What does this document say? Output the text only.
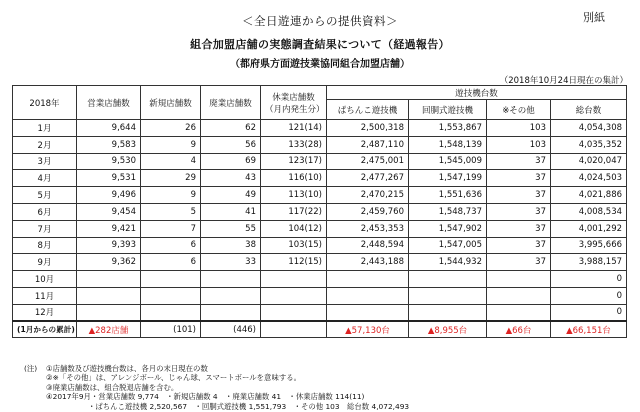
別紙
＜全日遊連からの提供資料＞
組合加盟店舗の実態調査結果について（経過報告）
（都府県方面遊技業協同組合加盟店舗）
（2018年10月24日現在の集計）
2018年	営業店舗数	新規店舗数	廃業店舗数	休業店舗数
（月内発生分）	遊技機台数			
					ぱちんこ遊技機	回胴式遊技機	※その他	総台数
1月	9,644	26	62	121(14)	2,500,318	1,553,867	103	4,054,308
2月	9,583	9	56	133(28)	2,487,110	1,548,139	103	4,035,352
3月	9,530	4	69	123(17)	2,475,001	1,545,009	37	4,020,047
4月	9,531	29	43	116(10)	2,477,267	1,547,199	37	4,024,503
5月	9,496	9	49	113(10)	2,470,215	1,551,636	37	4,021,886
6月	9,454	5	41	117(22)	2,459,760	1,548,737	37	4,008,534
7月	9,421	7	55	104(12)	2,453,353	1,547,902	37	4,001,292
8月	9,393	6	38	103(15)	2,448,594	1,547,005	37	3,995,666
9月	9,362	6	33	112(15)	2,443,188	1,544,932	37	3,988,157
10月								0
11月								0
12月								0
(1月からの累計)	▲282店舗	(101)	(446)		▲57,130台	▲8,955台	▲66台	▲66,151台
(注)	①店舗数及び遊技機台数は、各月の末日現在の数
②※「その他」は、アレンジボール、じゃん球、スマートボールを意味する。
③廃業店舗数は、組合脱退店舗を含む。
④2017年9月・営業店舗数 9,774　・新規店舗数 4　・廃業店舗数 41　・休業店舗数 114(11)
・ぱちんこ遊技機 2,520,567　・回胴式遊技機 1,551,793　・その他 103　総台数 4,072,493
